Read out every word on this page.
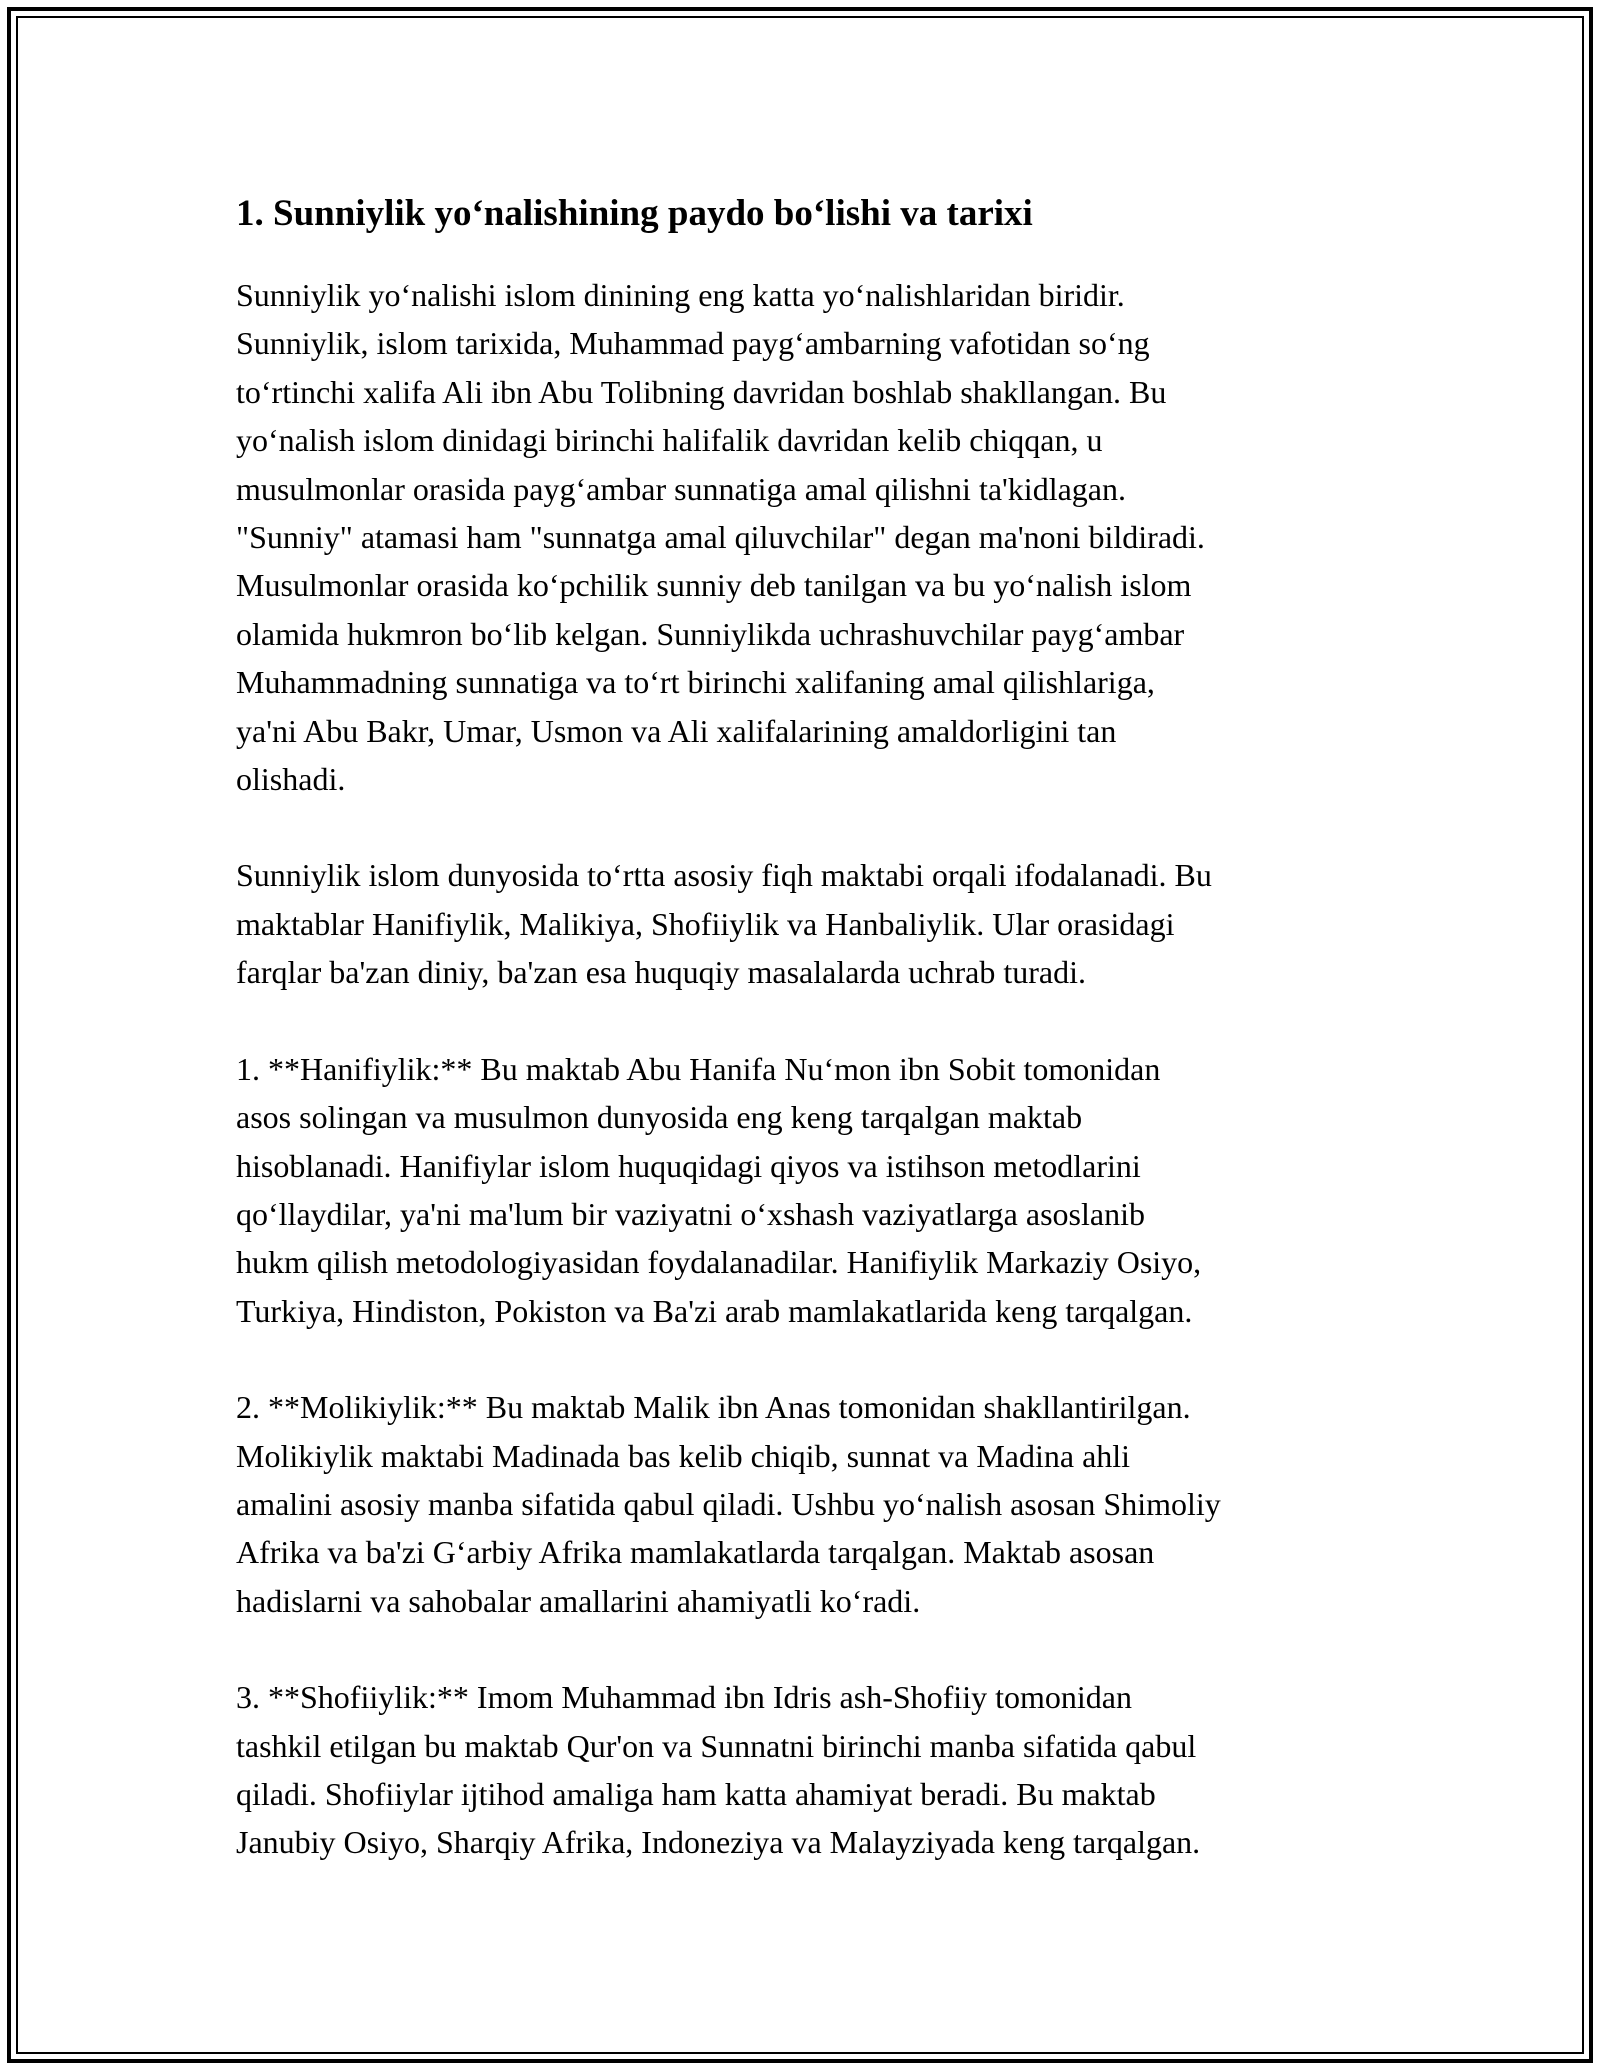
1. Sunniylik yo‘nalishining paydo bo‘lishi va tarixi

Sunniylik yo‘nalishi islom dinining eng katta yo‘nalishlaridan biridir.
Sunniylik, islom tarixida, Muhammad payg‘ambarning vafotidan so‘ng
to‘rtinchi xalifa Ali ibn Abu Tolibning davridan boshlab shakllangan. Bu
yo‘nalish islom dinidagi birinchi halifalik davridan kelib chiqqan, u
musulmonlar orasida payg‘ambar sunnatiga amal qilishni ta'kidlagan.
"Sunniy" atamasi ham "sunnatga amal qiluvchilar" degan ma'noni bildiradi.
Musulmonlar orasida ko‘pchilik sunniy deb tanilgan va bu yo‘nalish islom
olamida hukmron bo‘lib kelgan. Sunniylikda uchrashuvchilar payg‘ambar
Muhammadning sunnatiga va to‘rt birinchi xalifaning amal qilishlariga,
ya'ni Abu Bakr, Umar, Usmon va Ali xalifalarining amaldorligini tan
olishadi.

Sunniylik islom dunyosida to‘rtta asosiy fiqh maktabi orqali ifodalanadi. Bu
maktablar Hanifiylik, Malikiya, Shofiiylik va Hanbaliylik. Ular orasidagi
farqlar ba'zan diniy, ba'zan esa huquqiy masalalarda uchrab turadi.

1. **Hanifiylik:** Bu maktab Abu Hanifa Nu‘mon ibn Sobit tomonidan
asos solingan va musulmon dunyosida eng keng tarqalgan maktab
hisoblanadi. Hanifiylar islom huquqidagi qiyos va istihson metodlarini
qo‘llaydilar, ya'ni ma'lum bir vaziyatni o‘xshash vaziyatlarga asoslanib
hukm qilish metodologiyasidan foydalanadilar. Hanifiylik Markaziy Osiyo,
Turkiya, Hindiston, Pokiston va Ba'zi arab mamlakatlarida keng tarqalgan.

2. **Molikiylik:** Bu maktab Malik ibn Anas tomonidan shakllantirilgan.
Molikiylik maktabi Madinada bas kelib chiqib, sunnat va Madina ahli
amalini asosiy manba sifatida qabul qiladi. Ushbu yo‘nalish asosan Shimoliy
Afrika va ba'zi G‘arbiy Afrika mamlakatlarda tarqalgan. Maktab asosan
hadislarni va sahobalar amallarini ahamiyatli ko‘radi.

3. **Shofiiylik:** Imom Muhammad ibn Idris ash-Shofiiy tomonidan
tashkil etilgan bu maktab Qur'on va Sunnatni birinchi manba sifatida qabul
qiladi. Shofiiylar ijtihod amaliga ham katta ahamiyat beradi. Bu maktab
Janubiy Osiyo, Sharqiy Afrika, Indoneziya va Malayziyada keng tarqalgan.
